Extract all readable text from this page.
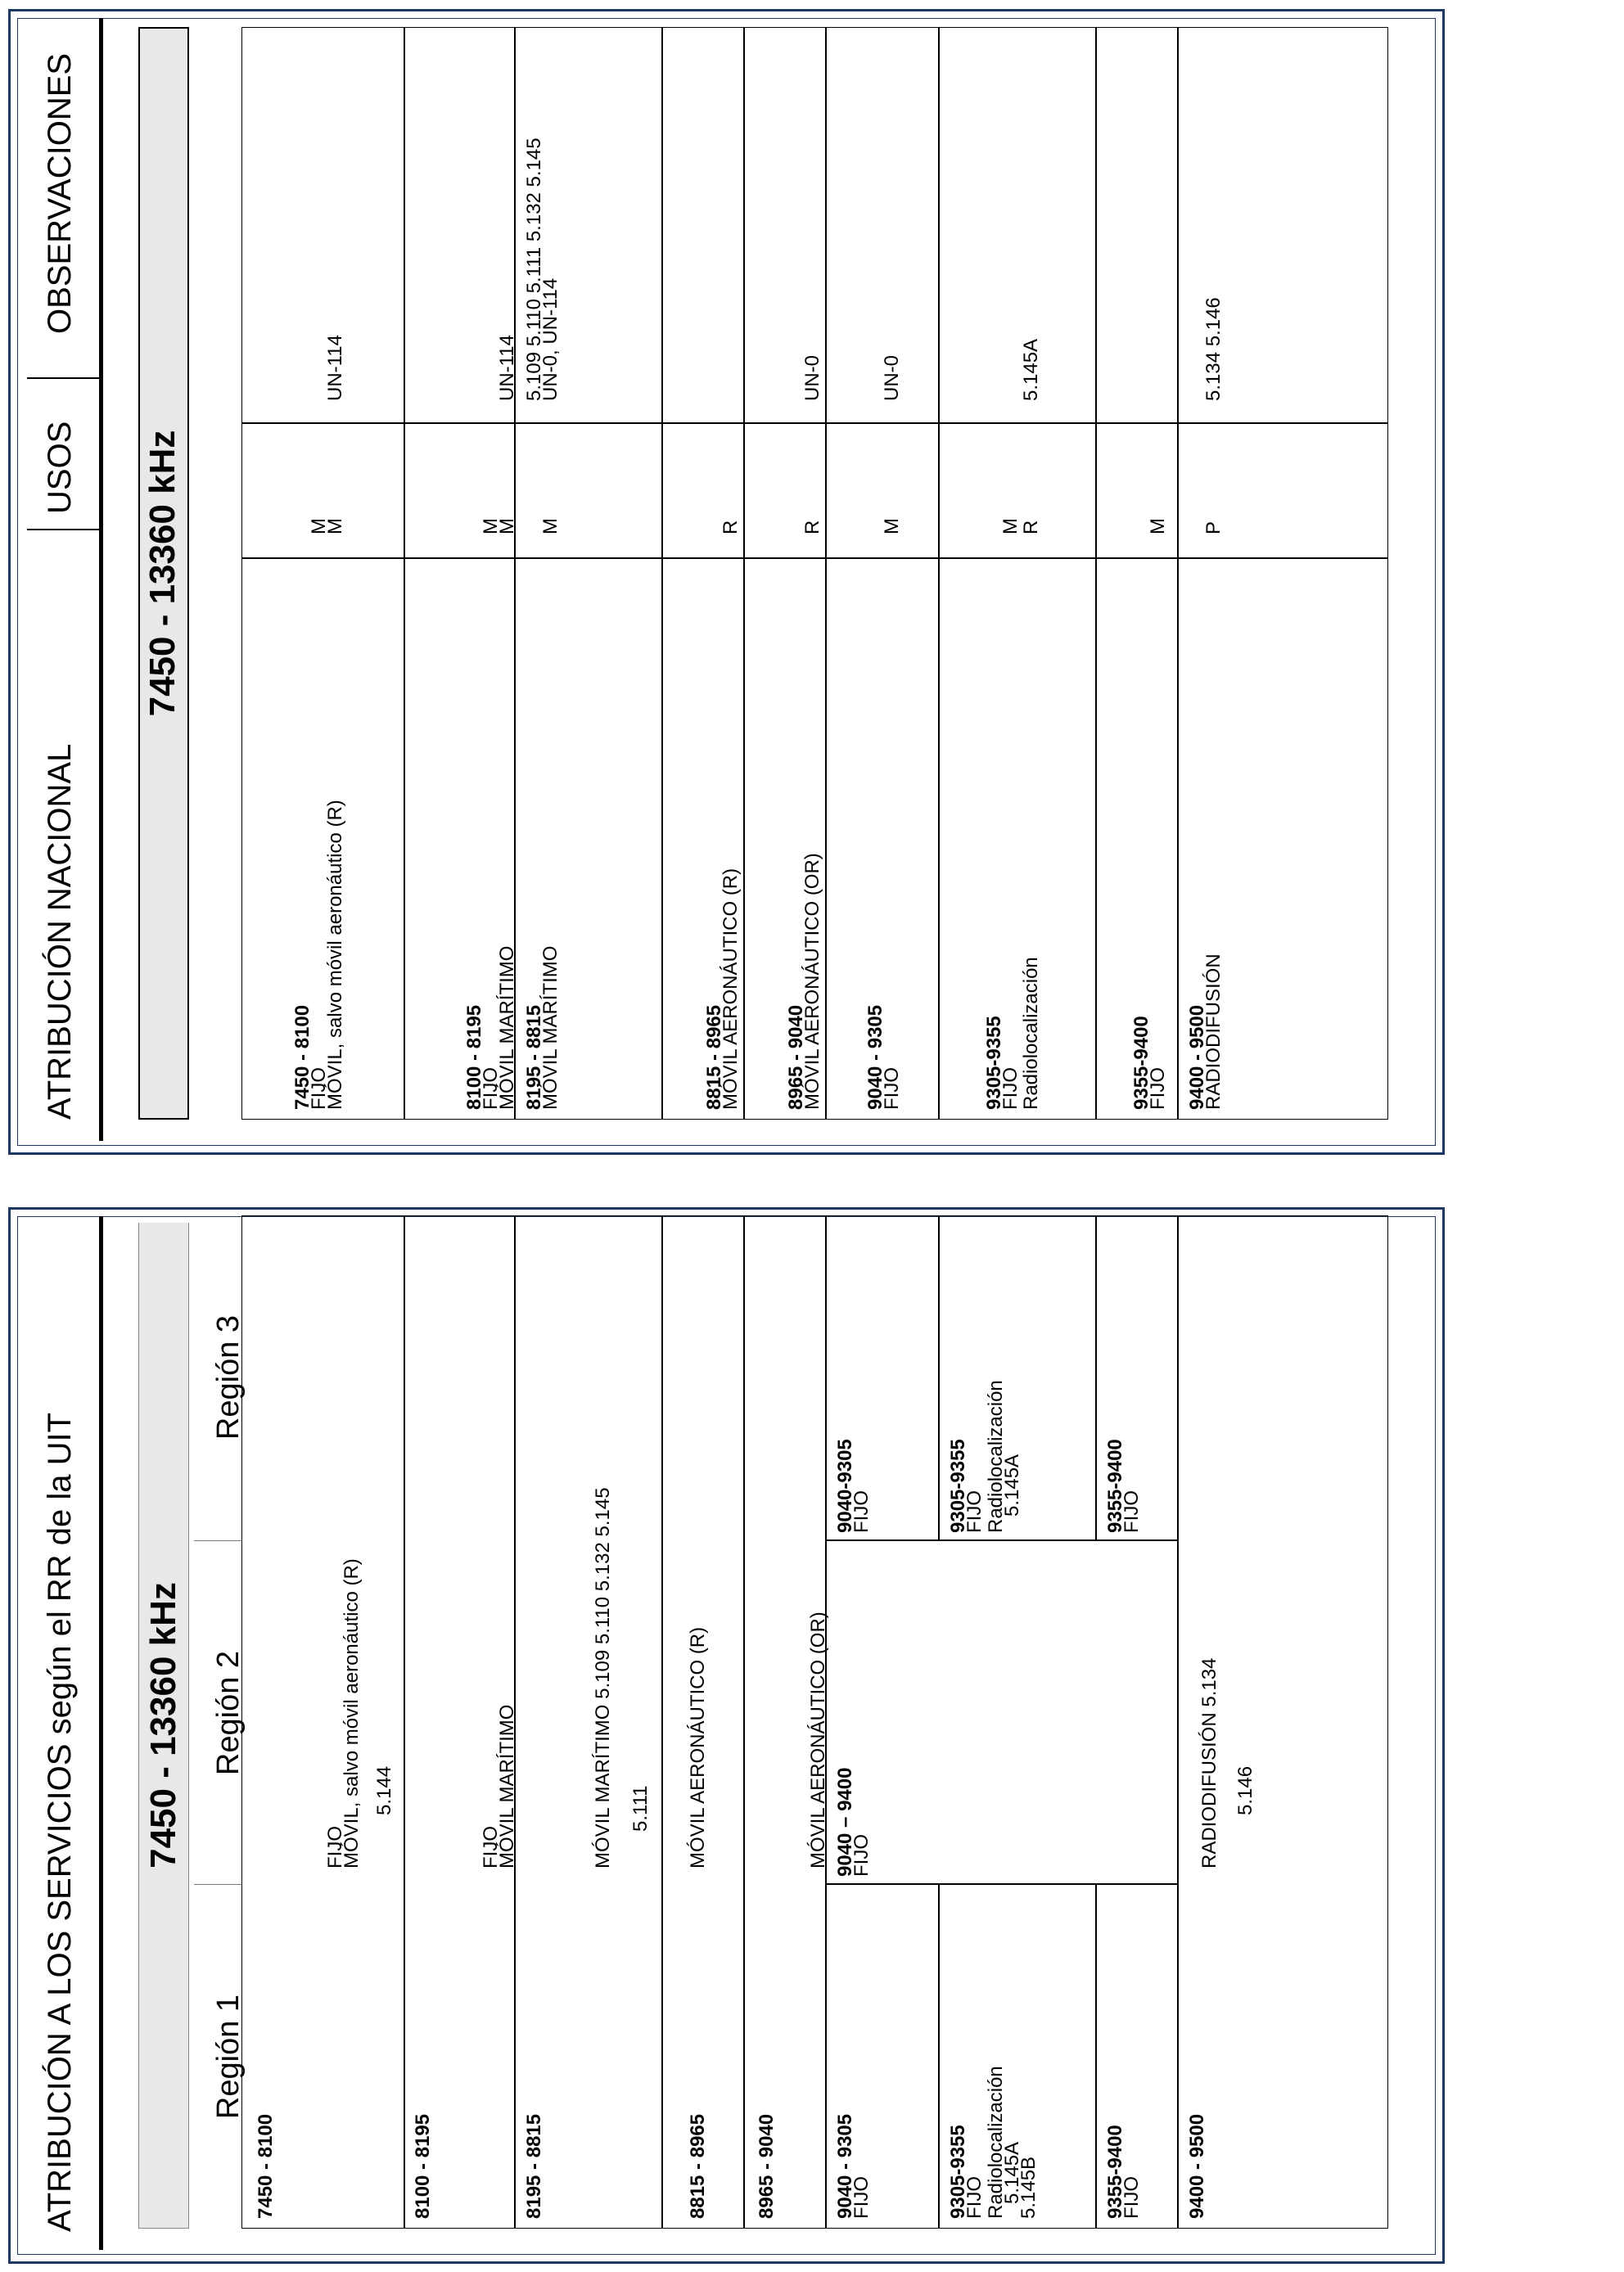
ATRIBUCIÓN A LOS SERVICIOS según el RR de la UIT 7450 - 13360 kHz
Región 1
Región 2
Región 3
7450 - 8100
FIJO
MÓVIL, salvo móvil aeronáutico (R) 5.144
8100 - 8195
FIJO
MÓVIL MARÍTIMO
8195 - 8815
MÓVIL MARÍTIMO 5.109 5.110 5.132 5.145 5.111
8815 - 8965
MÓVIL AERONÁUTICO (R)
8965 - 9040
MÓVIL AERONÁUTICO (OR)
9040 - 9305
FIJO
9040 – 9400
FIJO
9040-9305
FIJO
9305-9355
FIJO Radiolocalización
5.145A
5.145B
9305-9355
FIJO Radiolocalización
5.145A
9355-9400
FIJO
9355-9400
FIJO
9400 - 9500
RADIODIFUSIÓN 5.134 5.146
ATRIBUCIÓN NACIONAL
USOS
OBSERVACIONES
7450 - 13360 kHz
7450 - 8100
FIJO
MÓVIL, salvo móvil aeronáutico (R)
M
M
UN-114
8100 - 8195
FIJO
MÓVIL MARÍTIMO
M
M
UN-114
8195 - 8815
MÓVIL MARÍTIMO
M
5.109 5.110 5.111 5.132 5.145
UN-0, UN-114
8815 - 8965
MÓVIL AERONÁUTICO (R)
R
8965 - 9040
MÓVIL AERONÁUTICO (OR)
R
UN-0
9040 - 9305
FIJO
M
UN-0
9305-9355
FIJO
Radiolocalización
M
R
5.145A
9355-9400
FIJO
M
9400 - 9500
RADIODIFUSIÓN
P
5.134 5.146
